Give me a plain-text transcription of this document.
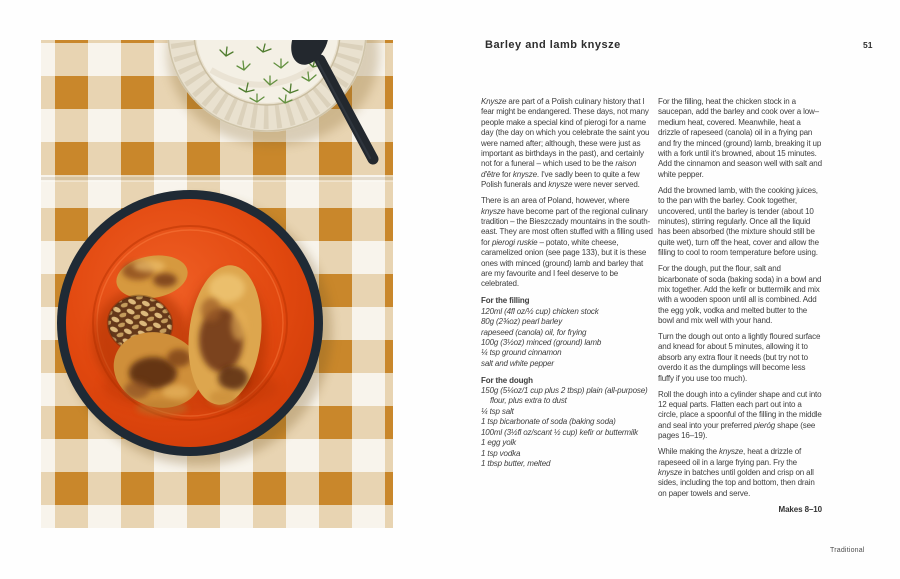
Barley and lamb knysze	51

Knysze are part of a Polish culinary history that I fear might be endangered. These days, not many people make a special kind of pierogi for a name day (the day on which you celebrate the saint you were named after; although, these were just as important as birthdays in the past), and certainly not for a funeral – which used to be the raison d'être for knysze. I've sadly been to quite a few Polish funerals and knysze were never served.

There is an area of Poland, however, where knysze have become part of the regional culinary tradition – the Bieszczady mountains in the south-east. They are most often stuffed with a filling used for pierogi ruskie – potato, white cheese, caramelized onion (see page 133), but it is these ones with minced (ground) lamb and barley that are my favourite and I feel deserve to be celebrated.

For the filling
120ml (4fl oz/½ cup) chicken stock
80g (2¾oz) pearl barley
rapeseed (canola) oil, for frying
100g (3½oz) minced (ground) lamb
¼ tsp ground cinnamon
salt and white pepper
For the dough
150g (5¼oz/1 cup plus 2 tbsp) plain (all-purpose) flour, plus extra to dust
¼ tsp salt
1 tsp bicarbonate of soda (baking soda)
100ml (3½fl oz/scant ½ cup) kefir or buttermilk
1 egg yolk
1 tsp vodka
1 tbsp butter, melted

For the filling, heat the chicken stock in a saucepan, add the barley and cook over a low–medium heat, covered. Meanwhile, heat a drizzle of rapeseed (canola) oil in a frying pan and fry the minced (ground) lamb, breaking it up with a fork until it's browned, about 15 minutes. Add the cinnamon and season well with salt and white pepper.

Add the browned lamb, with the cooking juices, to the pan with the barley. Cook together, uncovered, until the barley is tender (about 10 minutes), stirring regularly. Once all the liquid has been absorbed (the mixture should still be quite wet), turn off the heat, cover and allow the filling to cool to room temperature before using.

For the dough, put the flour, salt and bicarbonate of soda (baking soda) in a bowl and mix together. Add the kefir or buttermilk and mix with a wooden spoon until all is combined. Add the egg yolk, vodka and melted butter to the bowl and mix well with your hand.

Turn the dough out onto a lightly floured surface and knead for about 5 minutes, allowing it to absorb any extra flour it needs (but try not to overdo it as the dumplings will become less fluffy if you use too much).

Roll the dough into a cylinder shape and cut into 12 equal parts. Flatten each part out into a circle, place a spoonful of the filling in the middle and seal into your preferred pieróg shape (see pages 16–19).

While making the knysze, heat a drizzle of rapeseed oil in a large frying pan. Fry the knysze in batches until golden and crisp on all sides, including the top and bottom, then drain on paper towels and serve.

Makes 8–10
Traditional
